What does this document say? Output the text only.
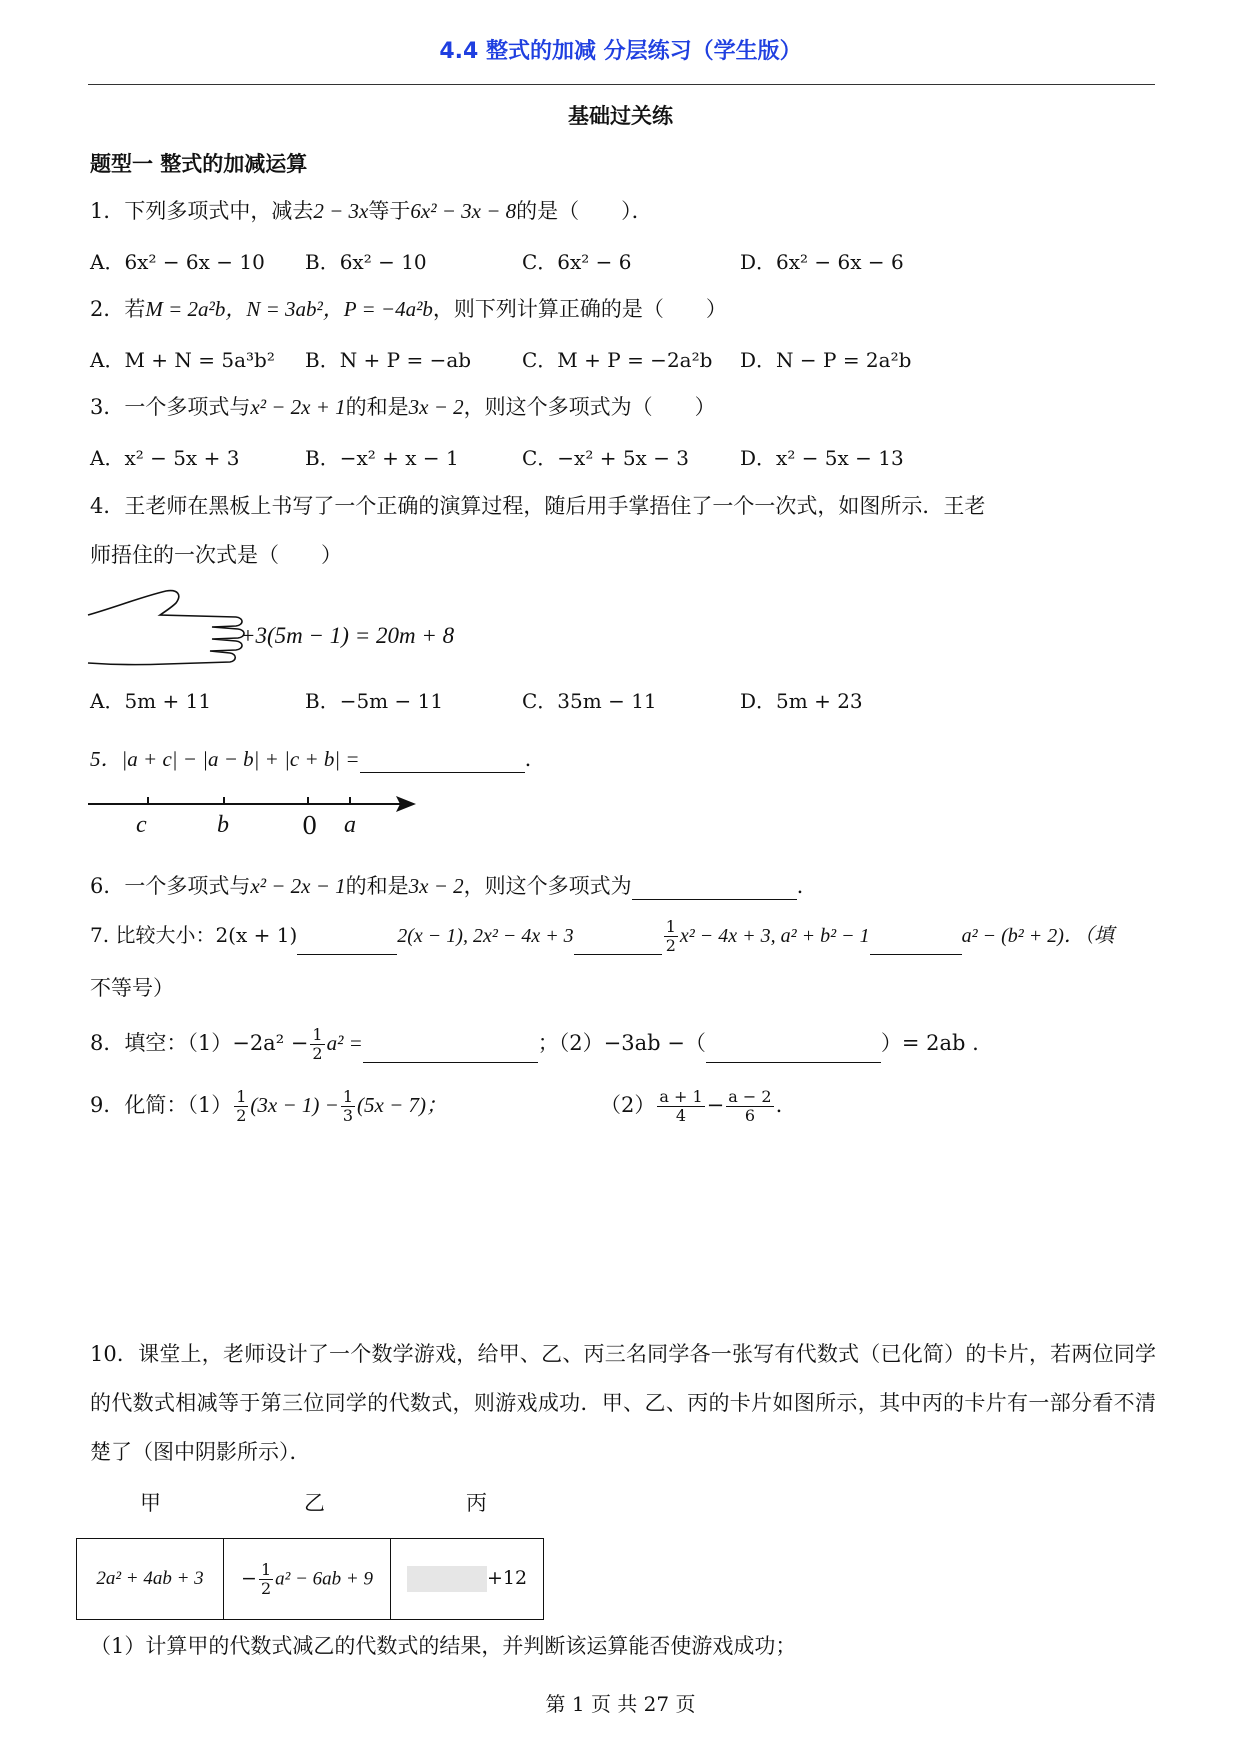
4.4 整式的加减 分层练习（学生版）
基础过关练
题型一 整式的加减运算
1．下列多项式中，减去2 − 3x等于6x² − 3x − 8的是（　　）．
A．6x² − 6x − 10 B．6x² − 10	C．6x² − 6	D．6x² − 6x − 6
2．若M = 2a²b，N = 3ab²，P = −4a²b，则下列计算正确的是（　　）
A．M + N = 5a³b² B．N + P = −ab	C．M + P = −2a²b D．N − P = 2a²b
3．一个多项式与x² − 2x + 1的和是3x − 2，则这个多项式为（　　）
A．x² − 5x + 3	B．−x² + x − 1	C．−x² + 5x − 3	D．x² − 5x − 13
4．王老师在黑板上书写了一个正确的演算过程，随后用手掌捂住了一个一次式，如图所示．王老
师捂住的一次式是（　　）
+3(5m − 1) = 20m + 8
A．5m + 11	B．−5m − 11	C．35m − 11	D．5m + 23
5．|a + c| − |a − b| + |c + b| =	.
c	b	0 a
6．一个多项式与x² − 2x − 1的和是3x − 2，则这个多项式为	.
7. 比较大小：2(x + 1)	2(x − 1), 2x² − 4x + 3	$\frac{1}{2} x^2 - 4x + 3$, a² + b² − 1	a² − (b² + 2)．（填
不等号）
8．填空：$(1)-2a^2 - \frac{1}{2} a^2$ =	；（2）−3ab −（	）= 2ab .
9．化简：$(1) \frac{1}{2} (3x - 1) - \frac{1}{3} (5x - 7)$；	$(2) \frac{a + 1}{4} - \frac{a - 2}{6}$ .
10．课堂上，老师设计了一个数学游戏，给甲、乙、丙三名同学各一张写有代数式（已化简）的卡片，若两位同学的代数式相减等于第三位同学的代数式，则游戏成功．甲、乙、丙的卡片如图所示，其中丙的卡片有一部分看不清楚了（图中阴影所示）．
甲	乙	丙
2a² + 4ab + 3	− $\frac{1}{2} a^2 - 6ab + 9$	+12
（1）计算甲的代数式减乙的代数式的结果，并判断该运算能否使游戏成功；
第 1 页 共 27 页
